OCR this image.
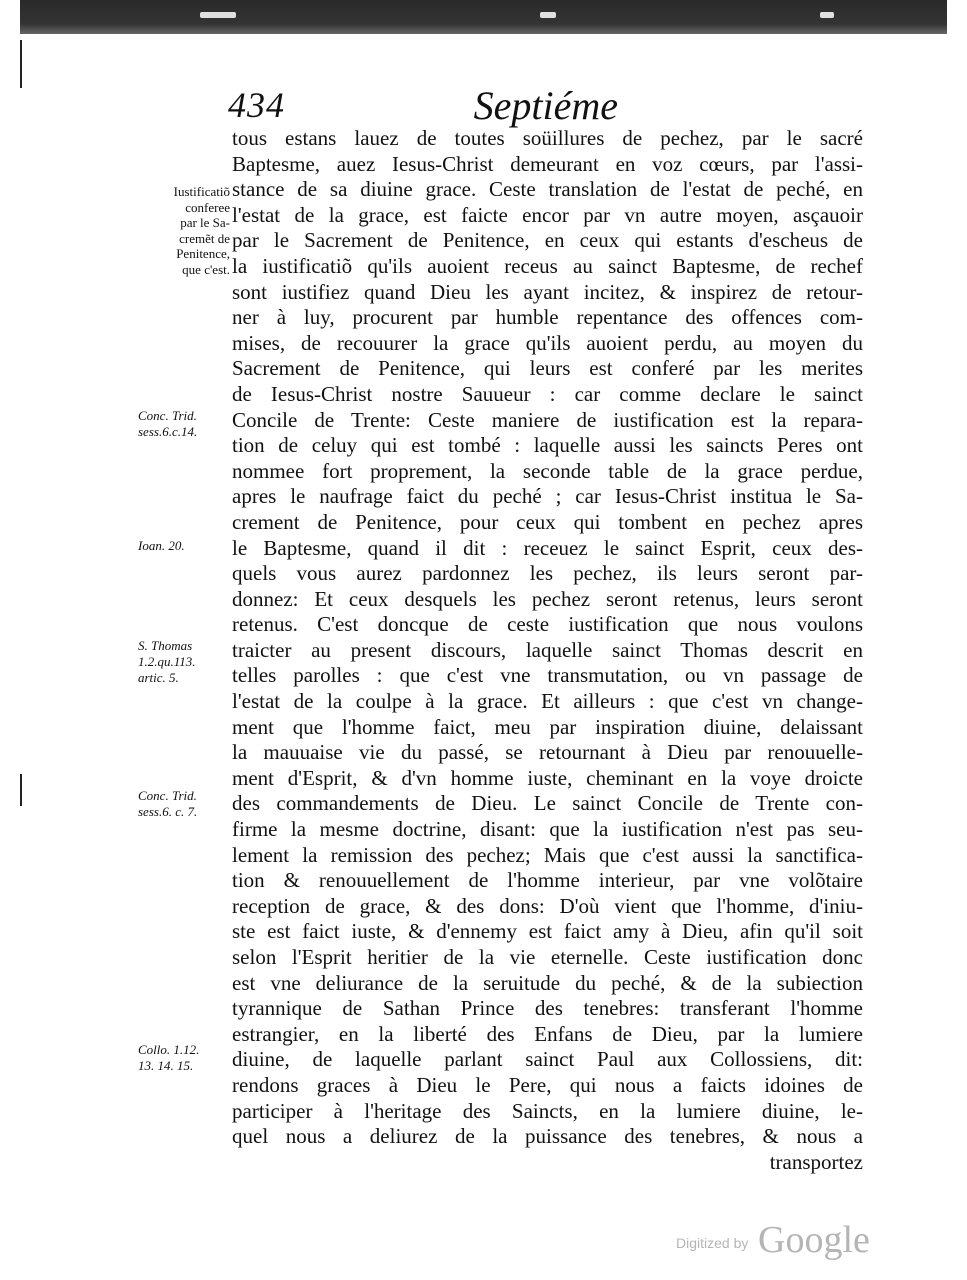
434	Septiéme
Iustificatiõ
conferee
par le Sa-
cremẽt de
Penitence,
que c'est.
Conc. Trid.
sess.6.c.14.
Ioan. 20.
S. Thomas
1.2.qu.113.
artic. 5.
Conc. Trid.
sess.6. c. 7.
Collo. 1.12.
13. 14. 15.
tous estans lauez de toutes soüillures de pechez, par le sacré
Baptesme, auez Iesus-Christ demeurant en voz cœurs, par l'assi-
stance de sa diuine grace. Ceste translation de l'estat de peché, en
l'estat de la grace, est faicte encor par vn autre moyen, asçauoir
par le Sacrement de Penitence, en ceux qui estants d'escheus de
la iustificatiõ qu'ils auoient receus au sainct Baptesme, de rechef
sont iustifiez quand Dieu les ayant incitez, & inspirez de retour-
ner à luy, procurent par humble repentance des offences com-
mises, de recouurer la grace qu'ils auoient perdu, au moyen du
Sacrement de Penitence, qui leurs est conferé par les merites
de Iesus-Christ nostre Sauueur : car comme declare le sainct
Concile de Trente: Ceste maniere de iustification est la repara-
tion de celuy qui est tombé : laquelle aussi les saincts Peres ont
nommee fort proprement, la seconde table de la grace perdue,
apres le naufrage faict du peché ; car Iesus-Christ institua le Sa-
crement de Penitence, pour ceux qui tombent en pechez apres
le Baptesme, quand il dit : receuez le sainct Esprit, ceux des-
quels vous aurez pardonnez les pechez, ils leurs seront par-
donnez: Et ceux desquels les pechez seront retenus, leurs seront
retenus. C'est doncque de ceste iustification que nous voulons
traicter au present discours, laquelle sainct Thomas descrit en
telles parolles : que c'est vne transmutation, ou vn passage de
l'estat de la coulpe à la grace. Et ailleurs : que c'est vn change-
ment que l'homme faict, meu par inspiration diuine, delaissant
la mauuaise vie du passé, se retournant à Dieu par renouuelle-
ment d'Esprit, & d'vn homme iuste, cheminant en la voye droicte
des commandements de Dieu. Le sainct Concile de Trente con-
firme la mesme doctrine, disant: que la iustification n'est pas seu-
lement la remission des pechez; Mais que c'est aussi la sanctifica-
tion & renouuellement de l'homme interieur, par vne volõtaire
reception de grace, & des dons: D'où vient que l'homme, d'iniu-
ste est faict iuste, & d'ennemy est faict amy à Dieu, afin qu'il soit
selon l'Esprit heritier de la vie eternelle. Ceste iustification donc
est vne deliurance de la seruitude du peché, & de la subiection
tyrannique de Sathan Prince des tenebres: transferant l'homme
estrangier, en la liberté des Enfans de Dieu, par la lumiere
diuine, de laquelle parlant sainct Paul aux Collossiens, dit:
rendons graces à Dieu le Pere, qui nous a faicts idoines de
participer à l'heritage des Saincts, en la lumiere diuine, le-
quel nous a deliurez de la puissance des tenebres, & nous a
transportez
Digitized by Google
